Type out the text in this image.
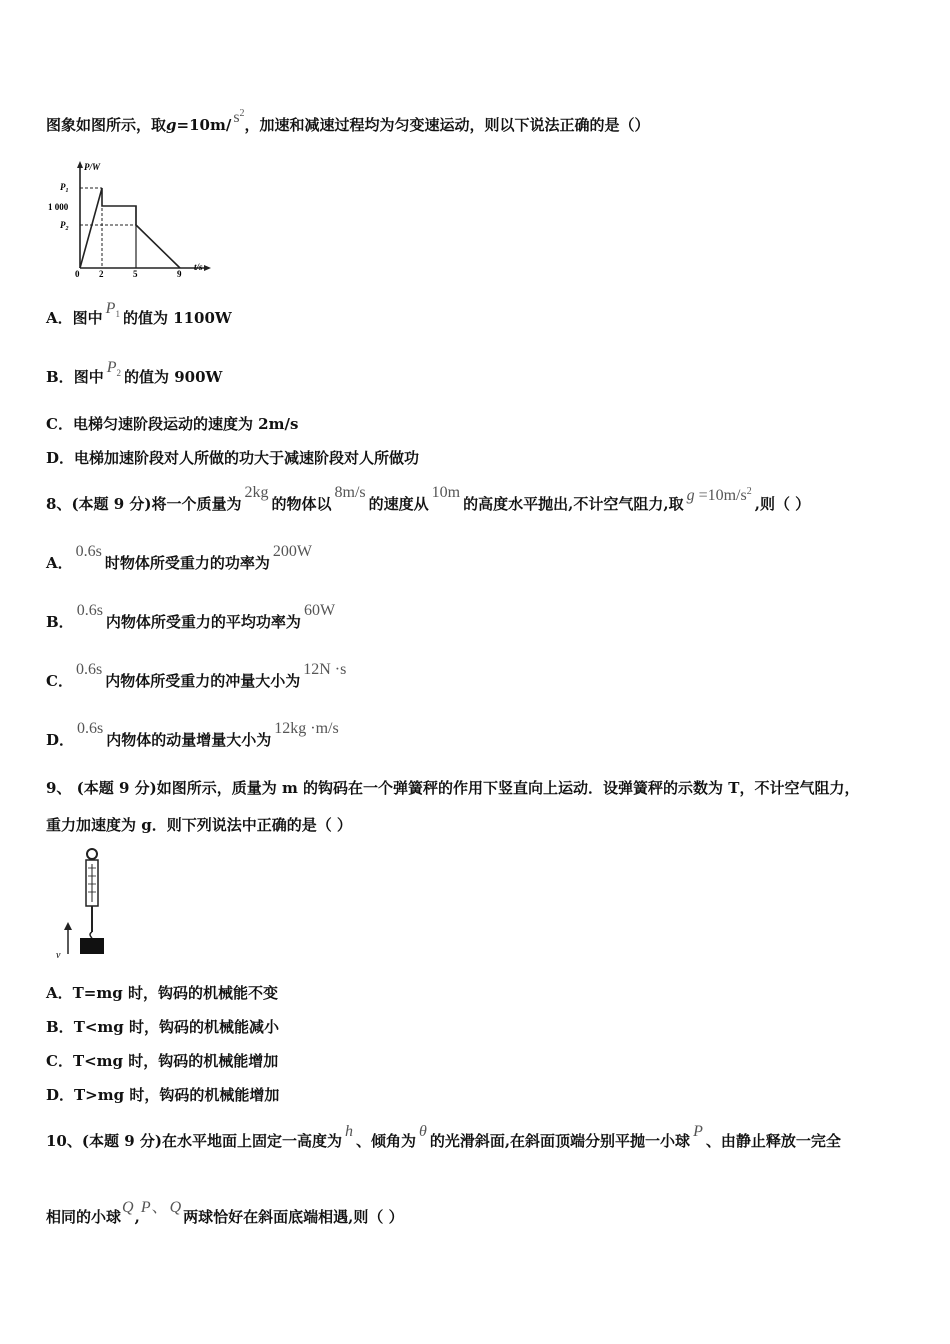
图象如图所示，取g=10m/ $s^2$，加速和减速过程均为匀变速运动，则以下说法正确的是（）
P/W
t/s
$P_1$
1 000
$P_2$
0 2	5	9
A．图中$P_1$ 的值为 1100W
B．图中$P_2$ 的值为 900W
C．电梯匀速阶段运动的速度为 2m/s
D．电梯加速阶段对人所做的功大于减速阶段对人所做功
8、(本题 9 分)将一个质量为2kg的物体以8m/s的速度从10m的高度水平抛出,不计空气阻力,取 $g =10m/s^2$,则（ ）
A．0.6s时物体所受重力的功率为200W
B．0.6s内物体所受重力的平均功率为60W
C．0.6s内物体所受重力的冲量大小为12N ·s
D．0.6s内物体的动量增量大小为12kg ·m/s
9、 (本题 9 分)如图所示，质量为 m 的钩码在一个弹簧秤的作用下竖直向上运动．设弹簧秤的示数为 T，不计空气阻力，
重力加速度为 g．则下列说法中正确的是（ ）
v
A．T=mg 时，钩码的机械能不变
B．T<mg 时，钩码的机械能减小
C．T<mg 时，钩码的机械能增加
D．T>mg 时，钩码的机械能增加
10、(本题 9 分)在水平地面上固定一高度为h、倾角为θ的光滑斜面,在斜面顶端分别平抛一小球P、由静止释放一完全
相同的小球Q,P、 Q两球恰好在斜面底端相遇,则（ ）
